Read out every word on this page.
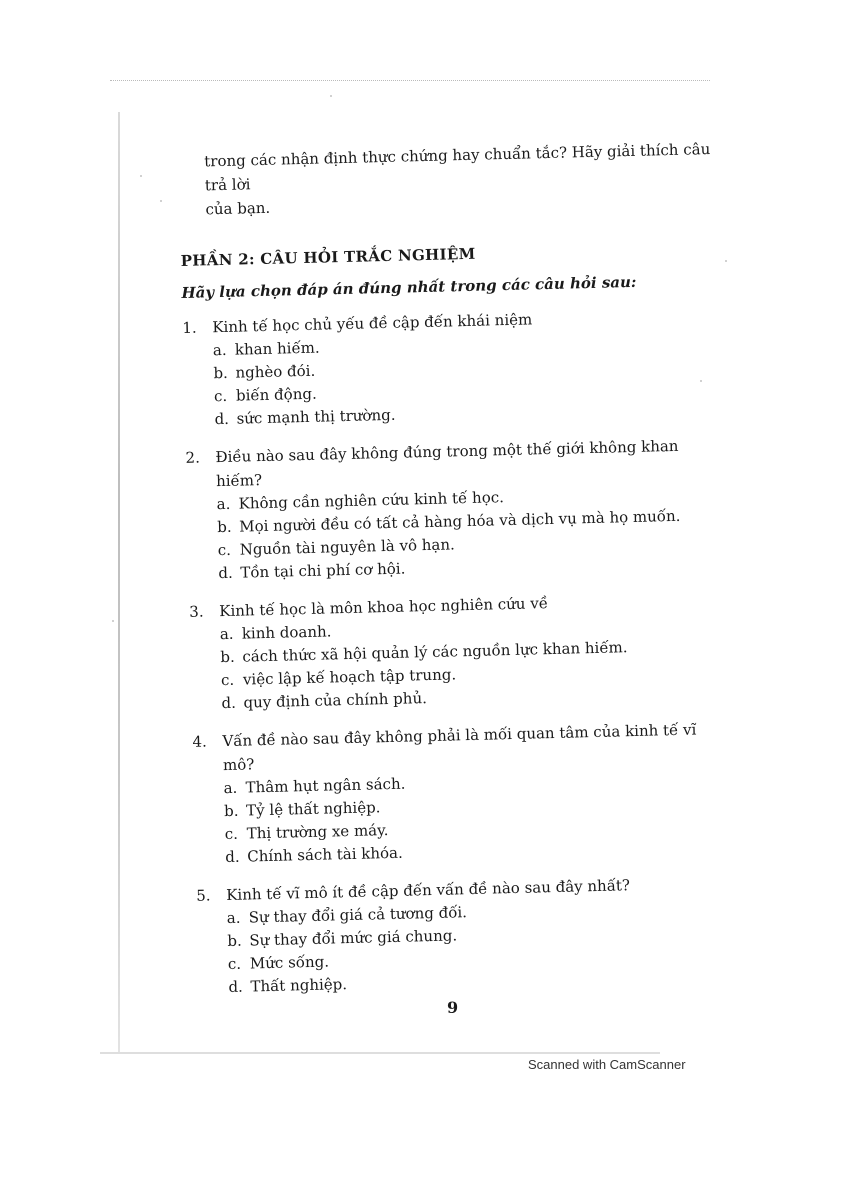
trong các nhận định thực chứng hay chuẩn tắc? Hãy giải thích câu trả lời

của bạn.

PHẦN 2: CÂU HỎI TRẮC NGHIỆM
Hãy lựa chọn đáp án đúng nhất trong các câu hỏi sau:
1.	Kinh tế học chủ yếu đề cập đến khái niệm
a. khan hiếm.
b. nghèo đói.
c. biến động.
d. sức mạnh thị trường.
2.	Điều nào sau đây không đúng trong một thế giới không khan hiếm?
a. Không cần nghiên cứu kinh tế học.
b. Mọi người đều có tất cả hàng hóa và dịch vụ mà họ muốn.
c. Nguồn tài nguyên là vô hạn.
d. Tồn tại chi phí cơ hội.
3.	Kinh tế học là môn khoa học nghiên cứu về
a. kinh doanh.
b. cách thức xã hội quản lý các nguồn lực khan hiếm.
c. việc lập kế hoạch tập trung.
d. quy định của chính phủ.
4.	Vấn đề nào sau đây không phải là mối quan tâm của kinh tế vĩ mô?
a. Thâm hụt ngân sách.
b. Tỷ lệ thất nghiệp.
c. Thị trường xe máy.
d. Chính sách tài khóa.
5.	Kinh tế vĩ mô ít đề cập đến vấn đề nào sau đây nhất?
a. Sự thay đổi giá cả tương đối.
b. Sự thay đổi mức giá chung.
c. Mức sống.
d. Thất nghiệp.
9
Scanned with CamScanner
